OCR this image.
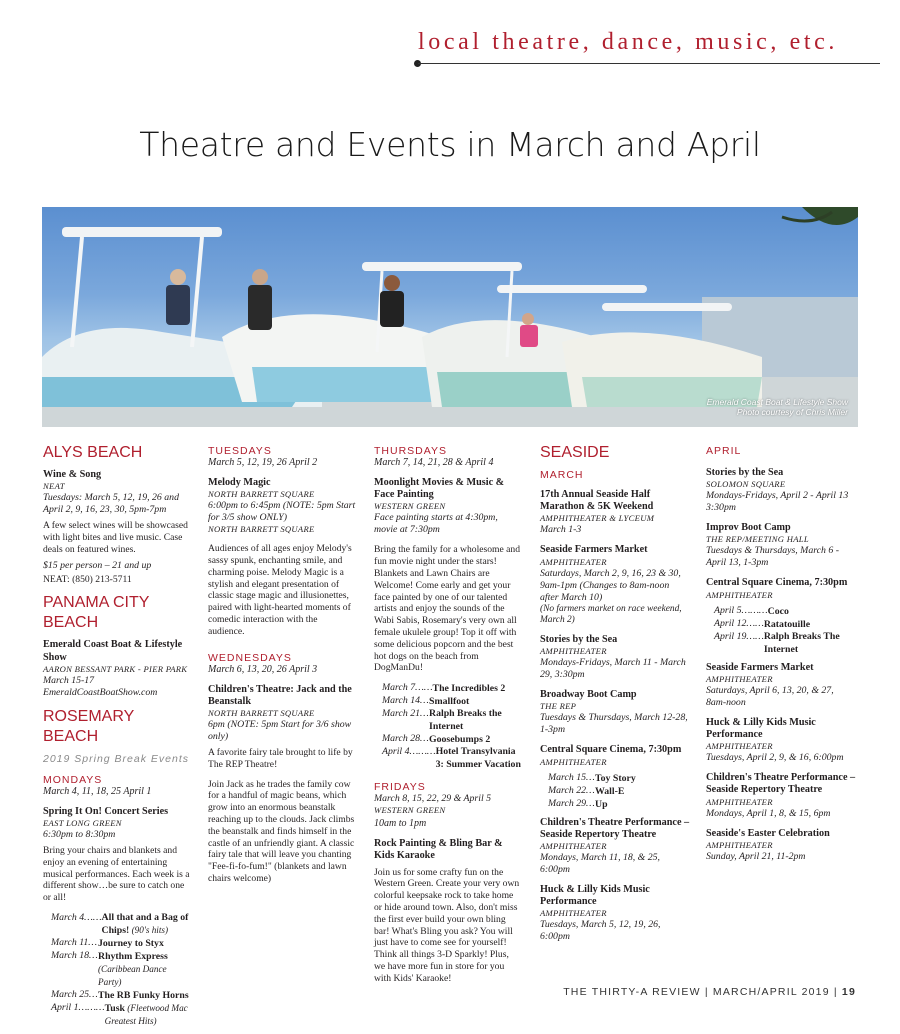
local theatre, dance, music, etc.
Theatre and Events in March and April
Emerald Coast Boat & Lifestyle Show
Photo courtesy of Chris Miller
ALYS BEACH
Wine & Song
NEAT
Tuesdays: March 5, 12, 19, 26 and April 2, 9, 16, 23, 30, 5pm-7pm
A few select wines will be showcased with light bites and live music. Case deals on featured wines.
$15 per person – 21 and up
NEAT: (850) 213-5711
PANAMA CITY BEACH
Emerald Coast Boat & Lifestyle Show
AARON BESSANT PARK - PIER PARK
March 15-17
EmeraldCoastBoatShow.com
ROSEMARY BEACH
2019 Spring Break Events
MONDAYS
March 4, 11, 18, 25 April 1
Spring It On! Concert Series
EAST LONG GREEN
6:30pm to 8:30pm
Bring your chairs and blankets and enjoy an evening of entertaining musical performances. Each week is a different show…be sure to catch one or all!
March 4…… All that and a Bag of Chips! (90's hits)
March 11… Journey to Styx
March 18… Rhythm Express (Caribbean Dance Party)
March 25… The RB Funky Horns
April 1……… Tusk (Fleetwood Mac Greatest Hits)
TUESDAYS
March 5, 12, 19, 26 April 2
Melody Magic
NORTH BARRETT SQUARE
6:00pm to 6:45pm (NOTE: 5pm Start for 3/5 show ONLY)
NORTH BARRETT SQUARE
Audiences of all ages enjoy Melody's sassy spunk, enchanting smile, and charming poise. Melody Magic is a stylish and elegant presentation of classic stage magic and illusionettes, paired with light-hearted moments of comedic interaction with the audience.
WEDNESDAYS
March 6, 13, 20, 26 April 3
Children's Theatre: Jack and the Beanstalk
NORTH BARRETT SQUARE
6pm (NOTE: 5pm Start for 3/6 show only)
A favorite fairy tale brought to life by The REP Theatre!
Join Jack as he trades the family cow for a handful of magic beans, which grow into an enormous beanstalk reaching up to the clouds. Jack climbs the beanstalk and finds himself in the castle of an unfriendly giant. A classic fairy tale that will leave you chanting "Fee-fi-fo-fum!" (blankets and lawn chairs welcome)
THURSDAYS
March 7, 14, 21, 28 & April 4
Moonlight Movies & Music & Face Painting
WESTERN GREEN
Face painting starts at 4:30pm, movie at 7:30pm
Bring the family for a wholesome and fun movie night under the stars! Blankets and Lawn Chairs are Welcome! Come early and get your face painted by one of our talented artists and enjoy the sounds of the Wabi Sabis, Rosemary's very own all female ukulele group! Top it off with some delicious popcorn and the best hot dogs on the beach from DogManDu!
March 7…… The Incredibles 2
March 14… Smallfoot
March 21… Ralph Breaks the Internet
March 28… Goosebumps 2
April 4……… Hotel Transylvania 3: Summer Vacation
FRIDAYS
March 8, 15, 22, 29 & April 5
WESTERN GREEN
10am to 1pm
Rock Painting & Bling Bar & Kids Karaoke
Join us for some crafty fun on the Western Green. Create your very own colorful keepsake rock to take home or hide around town. Also, don't miss the first ever build your own bling bar! What's Bling you ask? You will just have to come see for yourself! Think all things 3-D Sparkly! Plus, we have more fun in store for you with Kids' Karaoke!
SEASIDE
MARCH
17th Annual Seaside Half Marathon & 5K Weekend
AMPHITHEATER & LYCEUM
March 1-3
Seaside Farmers Market
AMPHITHEATER
Saturdays, March 2, 9, 16, 23 & 30, 9am-1pm (Changes to 8am-noon after March 10)
(No farmers market on race weekend, March 2)
Stories by the Sea
AMPHITHEATER
Mondays-Fridays, March 11 - March 29, 3:30pm
Broadway Boot Camp
THE REP
Tuesdays & Thursdays, March 12-28, 1-3pm
Central Square Cinema, 7:30pm
AMPHITHEATER
March 15… Toy Story
March 22… Wall-E
March 29… Up
Children's Theatre Performance – Seaside Repertory Theatre
AMPHITHEATER
Mondays, March 11, 18, & 25, 6:00pm
Huck & Lilly Kids Music Performance
AMPHITHEATER
Tuesdays, March 5, 12, 19, 26, 6:00pm
APRIL
Stories by the Sea
SOLOMON SQUARE
Mondays-Fridays, April 2 - April 13 3:30pm
Improv Boot Camp
THE REP/MEETING HALL
Tuesdays & Thursdays, March 6 - April 13, 1-3pm
Central Square Cinema, 7:30pm
AMPHITHEATER
April 5……… Coco
April 12…… Ratatouille
April 19…… Ralph Breaks The Internet
Seaside Farmers Market
AMPHITHEATER
Saturdays, April 6, 13, 20, & 27, 8am-noon
Huck & Lilly Kids Music Performance
AMPHITHEATER
Tuesdays, April 2, 9, & 16, 6:00pm
Children's Theatre Performance – Seaside Repertory Theatre
AMPHITHEATER
Mondays, April 1, 8, & 15, 6pm
Seaside's Easter Celebration
AMPHITHEATER
Sunday, April 21, 11-2pm
THE THIRTY-A REVIEW | MARCH/APRIL 2019 | 19
